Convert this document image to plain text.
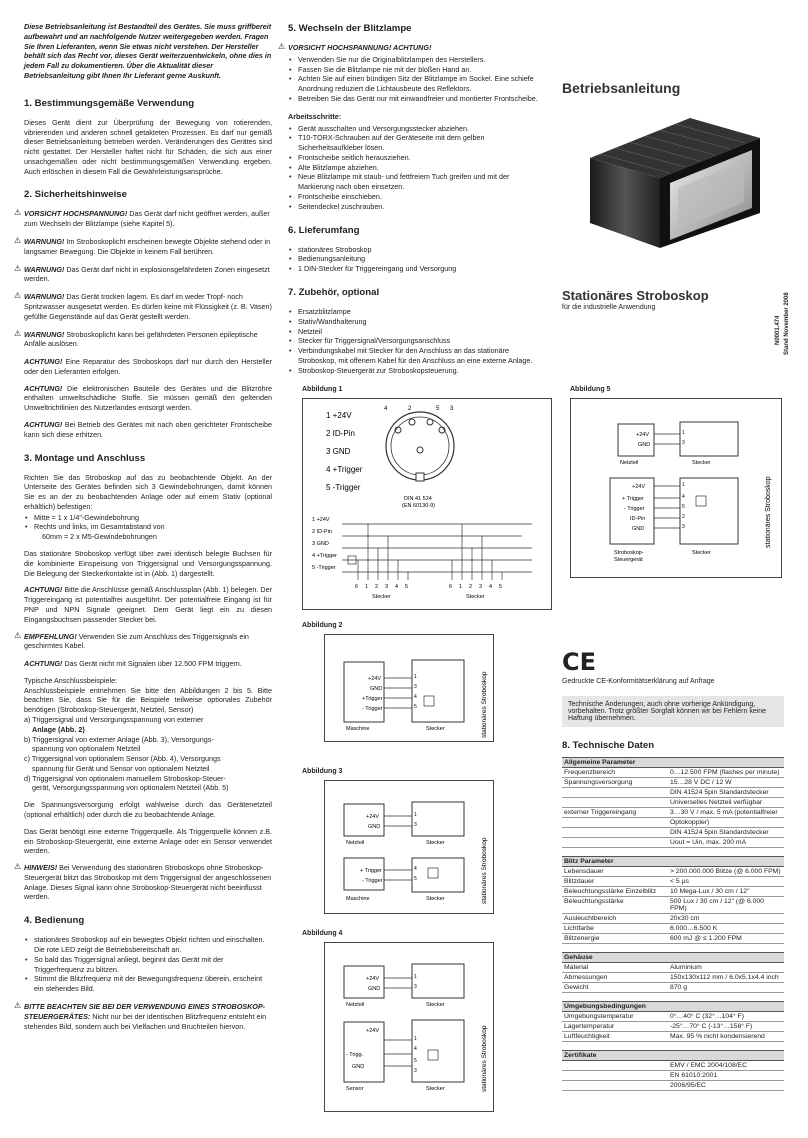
Diese Betriebsanleitung ist Bestandteil des Gerätes. Sie muss griffbereit aufbewahrt und an nachfolgende Nutzer weitergegeben werden. Fragen Sie Ihren Lieferanten, wenn Sie etwas nicht verstehen. Der Hersteller behält sich das Recht vor, dieses Gerät weiterzuentwickeln, ohne dies in jedem Fall zu dokumentieren. Über die Aktualität dieser Betriebsanleitung gibt Ihnen Ihr Lieferant gerne Auskunft.
1. Bestimmungsgemäße Verwendung

Dieses Gerät dient zur Überprüfung der Bewegung von rotierenden, vibrierenden und anderen schnell getakteten Prozessen. Es darf nur gemäß dieser Betriebsanleitung betrieben werden. Veränderungen des Gerätes sind nicht gestattet. Der Hersteller haftet nicht für Schäden, die sich aus einer unsachgemäßen oder nicht bestimmungsgemäßen Verwendung ergeben. Auch erlöschen in diesem Fall die Gewährleistungsansprüche.

2. Sicherheitshinweise
⚠ VORSICHT HOCHSPANNUNG! Das Gerät darf nicht geöffnet werden, außer zum Wechseln der Blitzlampe (siehe Kapitel 5).
⚠ WARNUNG! Im Stroboskoplicht erscheinen bewegte Objekte stehend oder in langsamer Bewegung. Die Objekte in keinem Fall berühren.
⚠ WARNUNG! Das Gerät darf nicht in explosionsgefährdeten Zonen eingesetzt werden.
⚠ WARNUNG! Das Gerät trocken lagern. Es darf im weder Tropf- noch Spritzwasser ausgesetzt werden. Es dürfen keine mit Flüssigkeit (z. B. Vasen) gefüllte Gegenstände auf das Gerät gestellt werden.
⚠ WARNUNG! Stroboskoplicht kann bei gefährdeten Personen epileptische Anfälle auslösen.

ACHTUNG! Eine Reparatur des Stroboskops darf nur durch den Hersteller oder den Lieferanten erfolgen.

ACHTUNG! Die elektronischen Bauteile des Gerätes und die Blitzröhre enthalten umweltschädliche Stoffe. Sie müssen gemäß den geltenden Umweltrichtlinien des Nutzerlandes entsorgt werden.

ACHTUNG! Bei Betrieb des Gerätes mit nach oben gerichteter Frontscheibe kann sich diese erhitzen.

3. Montage und Anschluss

Richten Sie das Stroboskop auf das zu beobachtende Objekt. An der Unterseite des Gerätes befinden sich 3 Gewindebohrungen, damit können Sie es an der zu beobachtenden Anlage oder auf einem Stativ (optional erhältlich) befestigen:

• Mitte = 1 x 1/4"-Gewindebohrung
• Rechts und links, im Gesamtabstand von
60mm = 2 x M5-Gewindebohrungen

Das stationäre Stroboskop verfügt über zwei identisch belegte Buchsen für die kombinierte Einspeisung von Triggersignal und Versorgungsspannung. Die Belegung der Steckerkontakte ist in (Abb. 1) dargestellt.

ACHTUNG! Bitte die Anschlüsse gemäß Anschlussplan (Abb. 1) belegen. Der Triggereingang ist potentialfrei ausgeführt. Der potentialfreie Eingang ist für PNP und NPN Signale geeignet. Dem Gerät liegt ein zu diesen Eingangsbuchsen passender Stecker bei.

⚠ EMPFEHLUNG! Verwenden Sie zum Anschluss des Triggersignals ein geschirmtes Kabel.

ACHTUNG! Das Gerät nicht mit Signalen über 12.500 FPM triggern.

Typische Anschlussbeispiele:
Anschlussbeispiele entnehmen Sie bitte den Abbildungen 2 bis 5. Bitte beachten Sie, dass Sie für die Beispiele teilweise optionales Zubehör benötigen (Stroboskop-Steuergerät, Netzteil, Sensor)
a) Triggersignal und Versorgungsspannung von externer
Anlage (Abb. 2)
b) Triggersignal von externer Anlage (Abb. 3), Versorgungs-
spannung von optionalem Netzteil
c) Triggersignal von optionalem Sensor (Abb. 4), Versorgungs
spannung für Gerät und Sensor von optionalem Netzteil
d) Triggersignal von optionalem manuellem Stroboskop-Steuer-
gerät, Versorgungsspannung von optionalem Netzteil (Abb. 5)

Die Spannungsversorgung erfolgt wahlweise durch das Gerätenetzteil (optional erhältlich) oder durch die zu beobachtende Anlage.

Das Gerät benötigt eine externe Triggerquelle. Als Triggerquelle können z.B. ein Stroboskop-Steuergerät, eine externe Anlage oder ein Sensor verwendet werden.

⚠ HINWEIS! Bei Verwendung des stationären Stroboskops ohne Stroboskop-Steuergerät blitzt das Stroboskop mit dem Triggersignal der angeschlossenen Anlage. Dieses Signal kann ohne Stroboskop-Steuergerät nicht beeinflusst werden.
4. Bedienung
• stationäres Stroboskop auf ein bewegtes Objekt richten und einschalten. Die rote LED zeigt die Betriebsbereitschaft an.
• So bald das Triggersignal anliegt, beginnt das Gerät mit der Triggerfrequenz zu blitzen.
• Stimmt die Blitzfrequenz mit der Bewegungsfrequenz überein, erscheint ein stehendes Bild.
⚠ BITTE BEACHTEN SIE BEI DER VERWENDUNG EINES STROBOSKOP-STEUERGERÄTES: Nicht nur bei der identischen Blitzfrequenz entsteht ein stehendes Bild, sondern auch bei Vielfachen und Bruchteilen hiervon.
5. Wechseln der Blitzlampe
⚠ VORSICHT HOCHSPANNUNG! ACHTUNG!
• Verwenden Sie nur die Originalblitzlampen des Herstellers.
• Fassen Sie die Blitzlampe nie mit der bloßen Hand an.
• Achten Sie auf einen bündigen Sitz der Blitzlampe im Sockel. Eine schiefe Anordnung reduziert die Lichtausbeute des Reflektors.
• Betreiben Sie das Gerät nur mit einwandfreier und montierter Frontscheibe.
Arbeitsschritte:
• Gerät ausschalten und Versorgungsstecker abziehen.
• T10-TORX-Schrauben auf der Geräteseite mit dem gelben Sicherheitsaufkleber lösen.
• Frontscheibe seitlich herausziehen.
• Alte Blitzlampe abziehen.
• Neue Blitzlampe mit staub- und fettfreiem Tuch greifen und mit der Markierung nach oben einsetzen.
• Frontscheibe einschieben.
• Seitendeckel zuschrauben.
6. Lieferumfang
• stationäres Stroboskop
• Bedienungsanleitung
• 1 DIN-Stecker für Triggereingang und Versorgung
7. Zubehör, optional
• Ersatzblitzlampe
• Stativ/Wandhalterung
• Netzteil
• Stecker für Triggersignal/Versorgungsanschluss
• Verbindungskabel mit Stecker für den Anschluss an das stationäre Stroboskop, mit offenem Kabel für den Anschluss an eine externe Anlage.
• Stroboskop-Steuergerät zur Stroboskopsteuerung.
Abbildung 1
1 +24V
2 ID-Pin
3 GND
4 +Trigger
5 -Trigger
4	2	5 3
DIN 41 524
(EN 60130-9)
1 +24V
2 ID-Pin
3 GND
4 +Trigger
5 -Trigger
6 1 2 3 4 5	6 1 2 3 4 5
Stecker	Stecker
Abbildung 2
+24V
GND
+Trigger
- Trigger
Maschine	Stecker
1
3
4
5	stationäres Stroboskop
Abbildung 3
+24V
GND
+ Trigger
- Trigger
Netzteil
Maschine
Stecker
Stecker
1
3
4
5	stationäres Stroboskop
Abbildung 4
+24V
GND
+24V
- Trigg.
GND
Netzteil
Sensor
Stecker
Stecker
1
3
1
4
5
3	stationäres Stroboskop
Betriebsanleitung
Stationäres Stroboskop
für die industrielle Anwendung
N0001.474 Stand November 2008
Abbildung 5
+24V
GND
Netzteil	Stecker
+24V
+ Trigger
- Trigger
ID-Pin
GND
Stroboskop-
Steuergerät
Stecker
1
3
1
4
5
2
3	stationäres Stroboskop
CE
Gedruckte CE-Konformitätserklärung auf Anfrage
Technische Änderungen, auch ohne vorherige Ankündigung, vorbehalten. Trotz größter Sorgfalt können wir bei Fehlern keine Haftung übernehmen.
8. Technische Daten
Allgemeine Parameter	
Frequenzbereich	0…12.500 FPM (flashes per minute)
Spannungsversorgung	15…28 V DC / 12 W
	DIN 41524 5pin Standardstecker
	Universelles Netzteil verfügbar
externer Triggereingang	3…30 V / max. 5 mA (potentialfreier
	Optokoppler)
	DIN 41524 5pin Standardstecker
	Uout = Uin, max. 200 mA
Blitz Parameter	
Lebensdauer	> 200.000.000 Blitze (@ 6.000 FPM)
Blitzdauer	< 5 µs
Beleuchtungsstärke Einzelblitz	10 Mega-Lux / 30 cm / 12"
Beleuchtungsstärke	500 Lux / 30 cm / 12" (@ 6.000 FPM)
Ausleuchtbereich	20x30 cm
Lichtfarbe	6.000…6.500 K
Blitzenergie	600 mJ @ ≤ 1.200 FPM
Gehäuse	
Material	Aluminium
Abmessungen	150x130x112 mm / 6.0x5.1x4.4 inch
Gewicht	870 g
Umgebungsbedingungen	
Umgebungstemperatur	0°…40° C (32°…104° F)
Lagertemperatur	-25°…70° C (-13°…158° F)
Luftfeuchtigkeit	Max. 95 % nicht kondensierend
Zertifikate	
	EMV / EMC 2004/108/EC
	EN 61010:2001
	2006/95/EC
